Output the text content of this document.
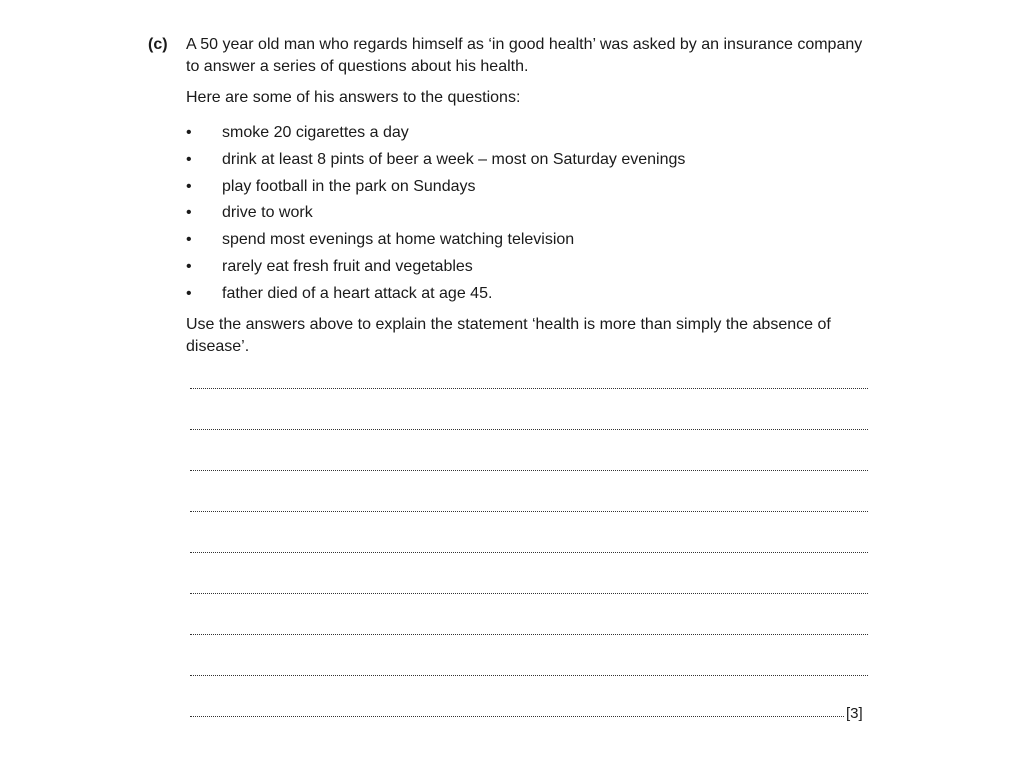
(c) A 50 year old man who regards himself as ‘in good health’ was asked by an insurance company to answer a series of questions about his health.

Here are some of his answers to the questions:

• smoke 20 cigarettes a day
• drink at least 8 pints of beer a week – most on Saturday evenings
• play football in the park on Sundays
• drive to work
• spend most evenings at home watching television
• rarely eat fresh fruit and vegetables
• father died of a heart attack at age 45.

Use the answers above to explain the statement ‘health is more than simply the absence of disease’.

[3]
